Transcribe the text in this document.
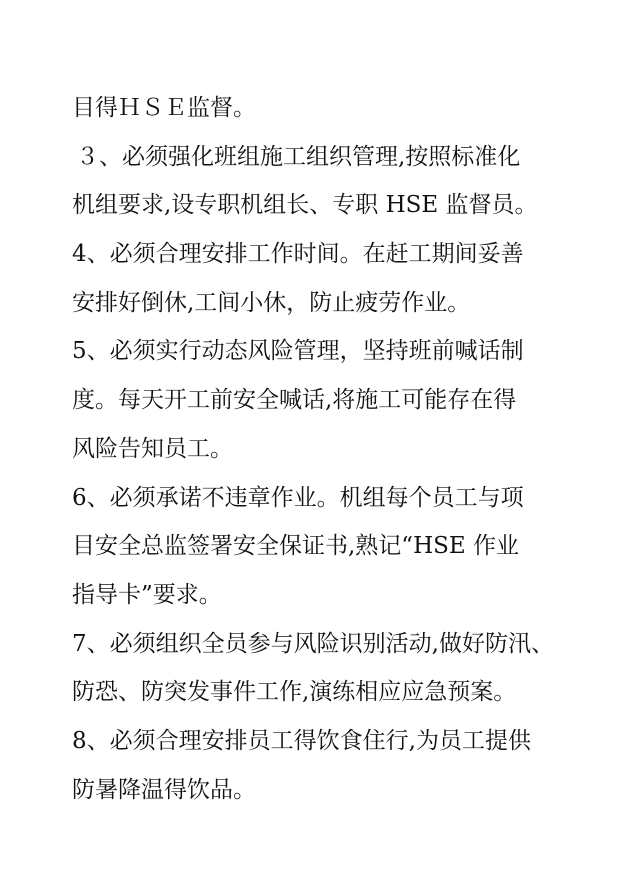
目得ＨＳＥ监督。
３、必须强化班组施工组织管理,按照标准化
机组要求,设专职机组长、专职 HSE 监督员。
4、必须合理安排工作时间。在赶工期间妥善
安排好倒休,工间小休，防止疲劳作业。
5、必须实行动态风险管理，坚持班前喊话制
度。每天开工前安全喊话,将施工可能存在得
风险告知员工。
6、必须承诺不违章作业。机组每个员工与项
目安全总监签署安全保证书,熟记“HSE 作业
指导卡”要求。
7、必须组织全员参与风险识别活动,做好防汛、
防恐、防突发事件工作,演练相应应急预案。
8、必须合理安排员工得饮食住行,为员工提供
防暑降温得饮品。
